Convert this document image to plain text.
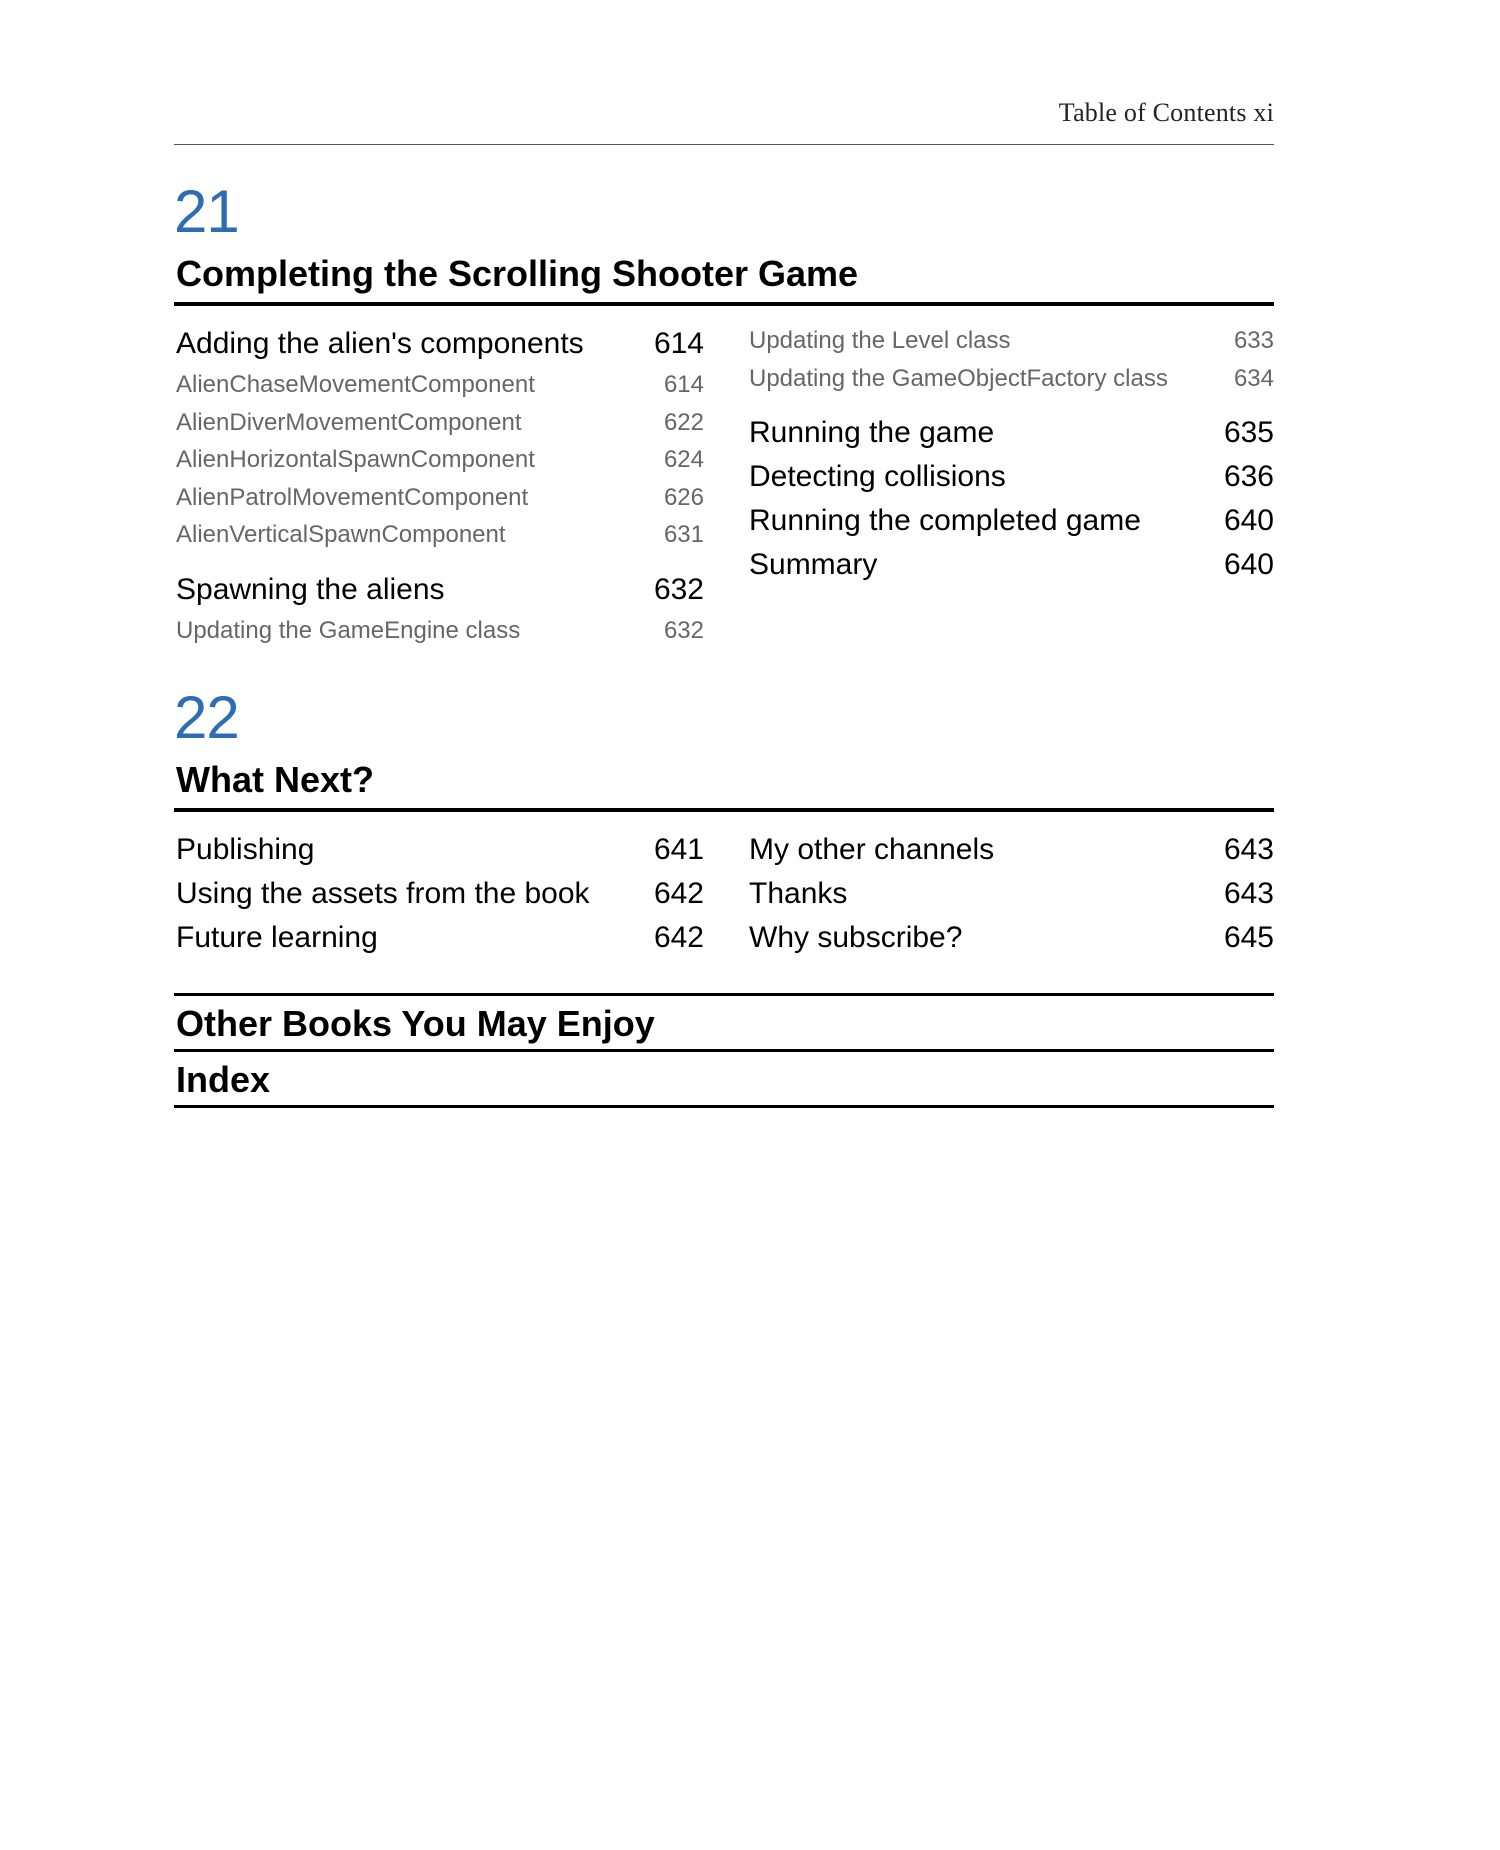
Table of Contents xi
21
Completing the Scrolling Shooter Game
Adding the alien's components 614
AlienChaseMovementComponent	614
AlienDiverMovementComponent	622
AlienHorizontalSpawnComponent	624
AlienPatrolMovementComponent	626
AlienVerticalSpawnComponent	631
Spawning the aliens	632
Updating the GameEngine class	632
Updating the Level class	633
Updating the GameObjectFactory class	634
Running the game	635
Detecting collisions	636
Running the completed game	640
Summary	640
22
What Next?
Publishing	641
Using the assets from the book 642
Future learning	642
My other channels	643
Thanks	643
Why subscribe?	645
Other Books You May Enjoy
Index
